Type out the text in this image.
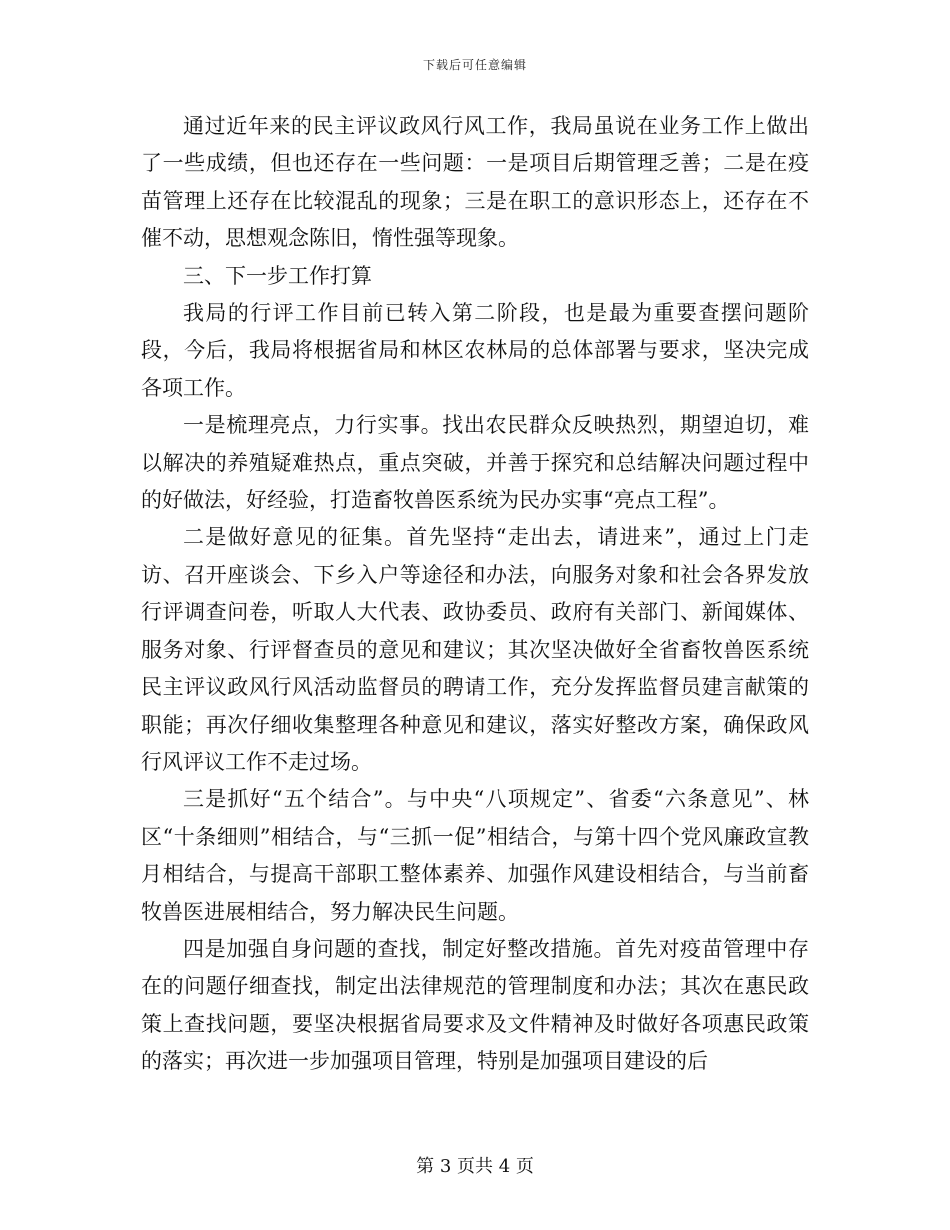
下载后可任意编辑

通过近年来的民主评议政风行风工作，我局虽说在业务工作上做出了一些成绩，但也还存在一些问题：一是项目后期管理乏善；二是在疫苗管理上还存在比较混乱的现象；三是在职工的意识形态上，还存在不催不动，思想观念陈旧，惰性强等现象。

三、下一步工作打算

我局的行评工作目前已转入第二阶段，也是最为重要查摆问题阶段，今后，我局将根据省局和林区农林局的总体部署与要求，坚决完成各项工作。

一是梳理亮点，力行实事。找出农民群众反映热烈，期望迫切，难以解决的养殖疑难热点，重点突破，并善于探究和总结解决问题过程中的好做法，好经验，打造畜牧兽医系统为民办实事“亮点工程”。

二是做好意见的征集。首先坚持“走出去，请进来”，通过上门走访、召开座谈会、下乡入户等途径和办法，向服务对象和社会各界发放行评调查问卷，听取人大代表、政协委员、政府有关部门、新闻媒体、服务对象、行评督查员的意见和建议；其次坚决做好全省畜牧兽医系统民主评议政风行风活动监督员的聘请工作，充分发挥监督员建言献策的职能；再次仔细收集整理各种意见和建议，落实好整改方案，确保政风行风评议工作不走过场。

三是抓好“五个结合”。与中央“八项规定”、省委“六条意见”、林区“十条细则”相结合，与“三抓一促”相结合，与第十四个党风廉政宣教月相结合，与提高干部职工整体素养、加强作风建设相结合，与当前畜牧兽医进展相结合，努力解决民生问题。

四是加强自身问题的查找，制定好整改措施。首先对疫苗管理中存在的问题仔细查找，制定出法律规范的管理制度和办法；其次在惠民政策上查找问题，要坚决根据省局要求及文件精神及时做好各项惠民政策的落实；再次进一步加强项目管理，特别是加强项目建设的后

第 3 页共 4 页
